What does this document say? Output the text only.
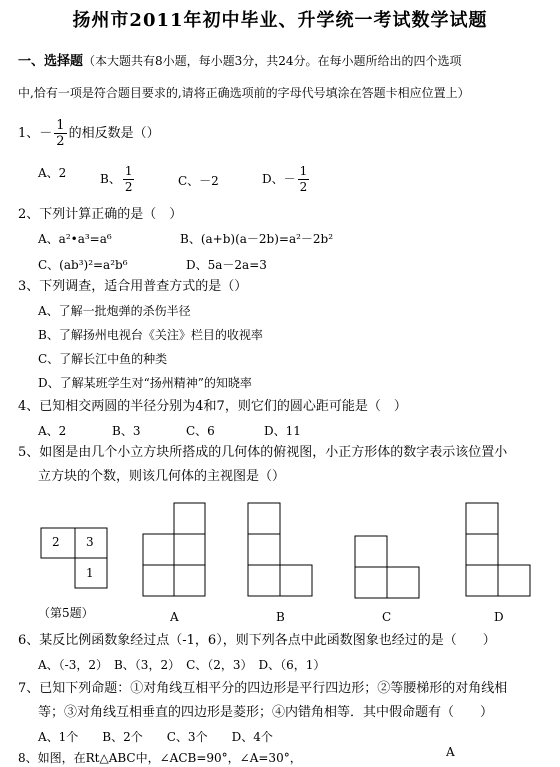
扬州市2011年初中毕业、升学统一考试数学试题
一、选择题（本大题共有8小题，每小题3分，共24分。在每小题所给出的四个选项
中,恰有一项是符合题目要求的,请将正确选项前的字母代号填涂在答题卡相应位置上）
1、－ $\frac{1}{2}$ 的相反数是（）
A、2	B、 $\frac{1}{2}$	C、－2	D、－ $\frac{1}{2}$
2、下列计算正确的是（　）
A、a²•a³=a⁶	B、(a+b)(a－2b)=a²－2b²
C、(ab³)²=a²b⁶	D、5a－2a=3
3、下列调查，适合用普查方式的是（）
A、了解一批炮弹的杀伤半径
B、了解扬州电视台《关注》栏目的收视率
C、了解长江中鱼的种类
D、了解某班学生对“扬州精神”的知晓率
4、已知相交两圆的半径分别为4和7，则它们的圆心距可能是（　）
A、2	B、3	C、6	D、11
5、如图是由几个小立方块所搭成的几何体的俯视图，小正方形体的数字表示该位置小
立方块的个数，则该几何体的主视图是（）
2 3
1
（第5题）	A	B	C	D
6、某反比例函数象经过点（-1，6），则下列各点中此函数图象也经过的是（　　）
A、（-3，2）　B、（3，2）　C、（2，3）　D、（6，1）
7、已知下列命题：①对角线互相平分的四边形是平行四边形；②等腰梯形的对角线相
等；③对角线互相垂直的四边形是菱形；④内错角相等．其中假命题有（　　）
A、1个　　B、2个　　C、3个　　D、4个
8、如图，在Rt△ABC中，∠ACB=90°，∠A=30°，	A
